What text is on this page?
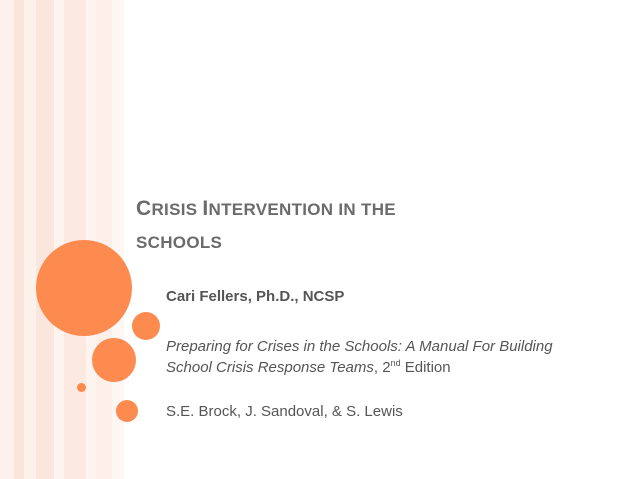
CRISIS INTERVENTION IN THE
SCHOOLS
Cari Fellers, Ph.D., NCSP
Preparing for Crises in the Schools: A Manual For Building
School Crisis Response Teams, 2nd Edition
S.E. Brock, J. Sandoval, & S. Lewis
